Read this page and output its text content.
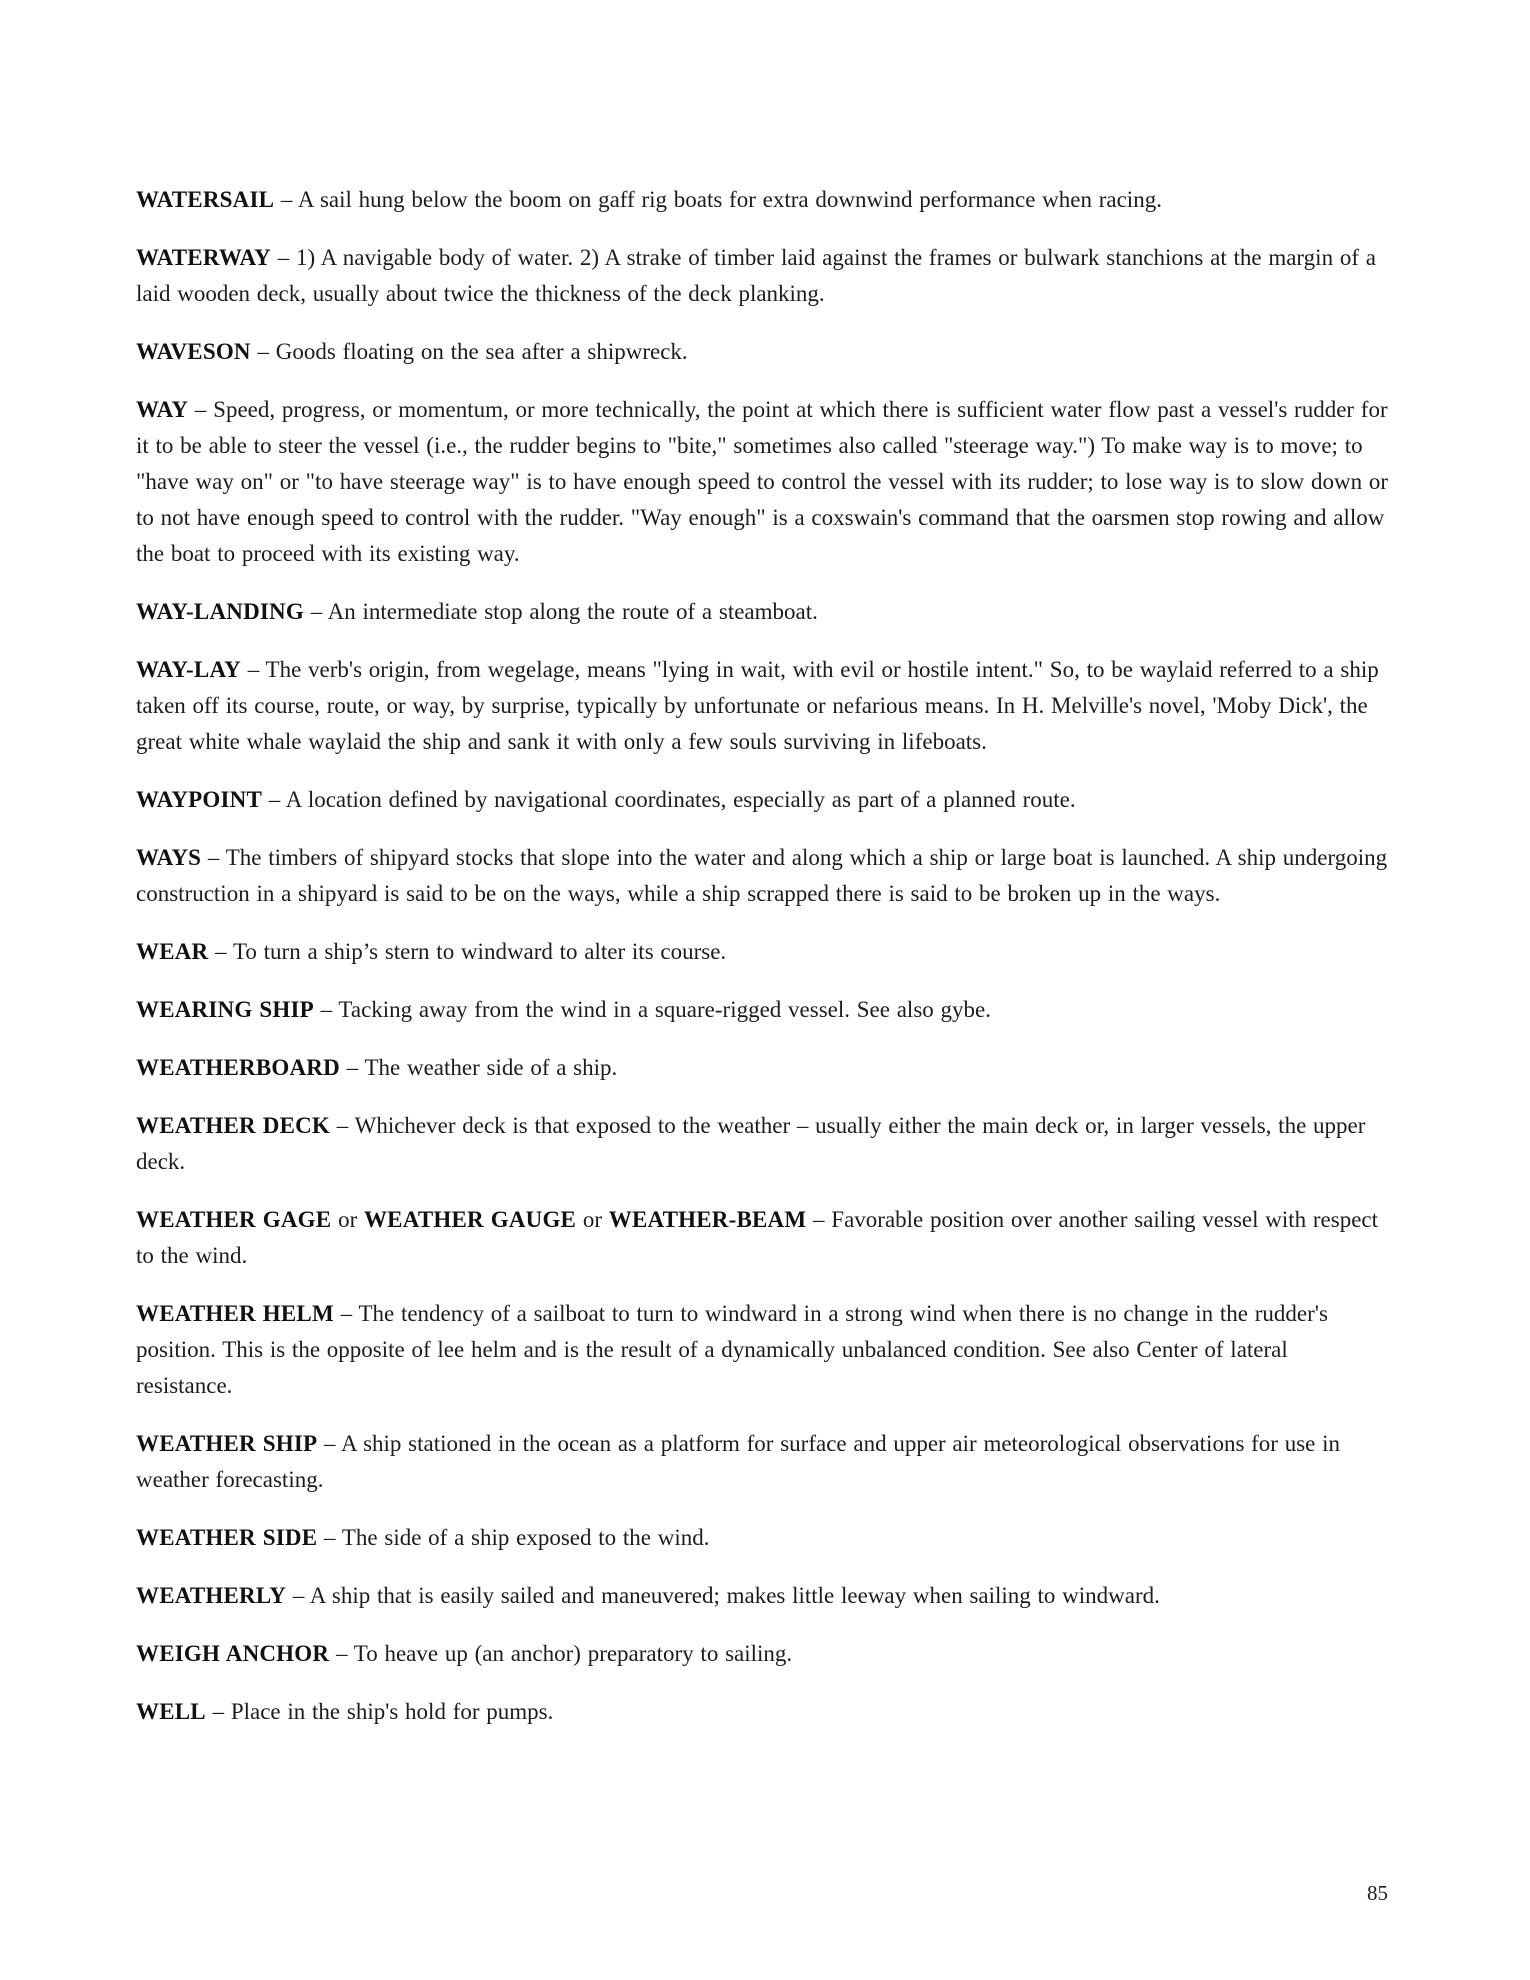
WATERSAIL – A sail hung below the boom on gaff rig boats for extra downwind performance when racing.

WATERWAY – 1) A navigable body of water. 2) A strake of timber laid against the frames or bulwark stanchions at the margin of a laid wooden deck, usually about twice the thickness of the deck planking.

WAVESON – Goods floating on the sea after a shipwreck.

WAY – Speed, progress, or momentum, or more technically, the point at which there is sufficient water flow past a vessel's rudder for it to be able to steer the vessel (i.e., the rudder begins to "bite," sometimes also called "steerage way.") To make way is to move; to "have way on" or "to have steerage way" is to have enough speed to control the vessel with its rudder; to lose way is to slow down or to not have enough speed to control with the rudder. "Way enough" is a coxswain's command that the oarsmen stop rowing and allow the boat to proceed with its existing way.

WAY-LANDING – An intermediate stop along the route of a steamboat.

WAY-LAY – The verb's origin, from wegelage, means "lying in wait, with evil or hostile intent." So, to be waylaid referred to a ship taken off its course, route, or way, by surprise, typically by unfortunate or nefarious means. In H. Melville's novel, 'Moby Dick', the great white whale waylaid the ship and sank it with only a few souls surviving in lifeboats.

WAYPOINT – A location defined by navigational coordinates, especially as part of a planned route.

WAYS – The timbers of shipyard stocks that slope into the water and along which a ship or large boat is launched. A ship undergoing construction in a shipyard is said to be on the ways, while a ship scrapped there is said to be broken up in the ways.

WEAR – To turn a ship’s stern to windward to alter its course.

WEARING SHIP – Tacking away from the wind in a square-rigged vessel. See also gybe.

WEATHERBOARD – The weather side of a ship.

WEATHER DECK – Whichever deck is that exposed to the weather – usually either the main deck or, in larger vessels, the upper deck.

WEATHER GAGE or WEATHER GAUGE or WEATHER-BEAM – Favorable position over another sailing vessel with respect to the wind.

WEATHER HELM – The tendency of a sailboat to turn to windward in a strong wind when there is no change in the rudder's position. This is the opposite of lee helm and is the result of a dynamically unbalanced condition. See also Center of lateral resistance.

WEATHER SHIP – A ship stationed in the ocean as a platform for surface and upper air meteorological observations for use in weather forecasting.

WEATHER SIDE – The side of a ship exposed to the wind.

WEATHERLY – A ship that is easily sailed and maneuvered; makes little leeway when sailing to windward.

WEIGH ANCHOR – To heave up (an anchor) preparatory to sailing.

WELL – Place in the ship's hold for pumps.

85
